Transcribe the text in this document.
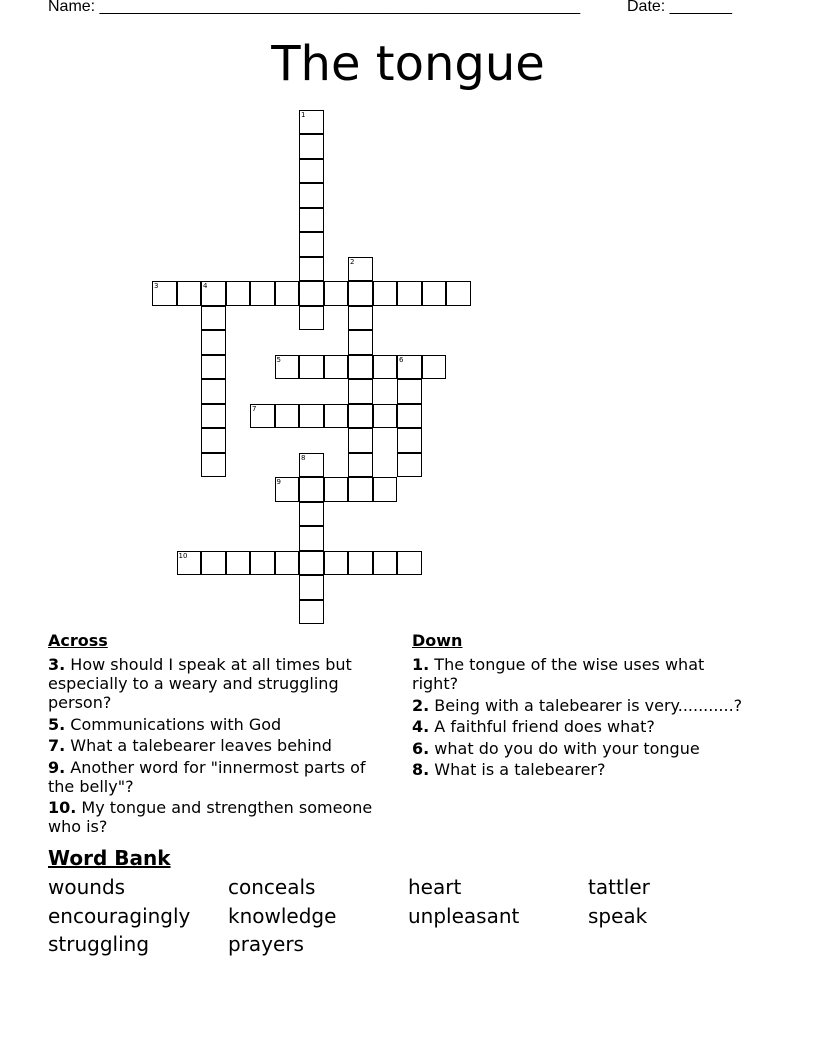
Name: ______________________________________________________	Date: _______
The tongue
1
2
3	4
5	6
7
8
9
10
Across
3. How should I speak at all times but especially to a weary and struggling person?
5. Communications with God
7. What a talebearer leaves behind
9. Another word for "innermost parts of the belly"?
10. My tongue and strengthen someone who is?
Down
1. The tongue of the wise uses what right?
2. Being with a talebearer is very...........?
4. A faithful friend does what?
6. what do you do with your tongue
8. What is a talebearer?
Word Bank
wounds	conceals	heart	tattler
encouragingly knowledge	unpleasant	speak
struggling	prayers
